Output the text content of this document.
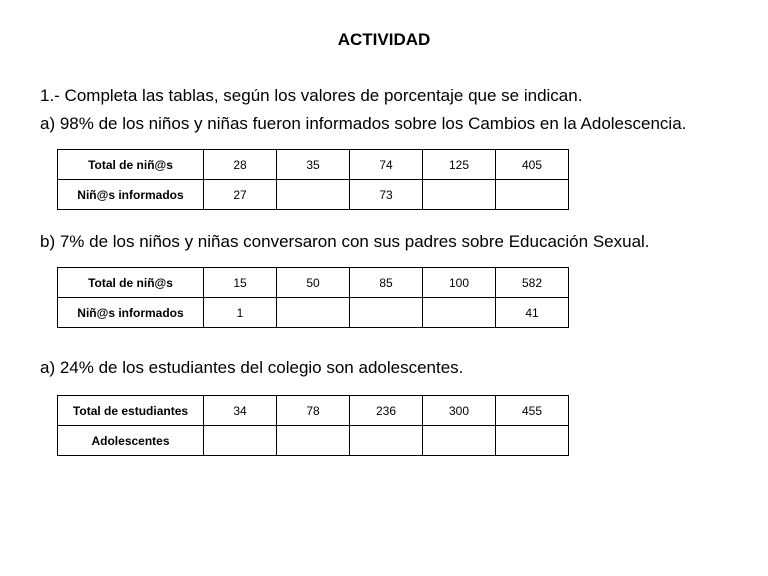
ACTIVIDAD
1.- Completa las tablas, según los valores de porcentaje que se indican.
a) 98% de los niños y niñas fueron informados sobre los Cambios en la Adolescencia.
Total de niñ@s	28	35	74	125	405
Niñ@s informados	27		73		
b) 7% de los niños y niñas conversaron con sus padres sobre Educación Sexual.
Total de niñ@s	15	50	85	100	582
Niñ@s informados	1				41
a) 24% de los estudiantes del colegio son adolescentes.
Total de estudiantes	34	78	236	300	455
Adolescentes					
